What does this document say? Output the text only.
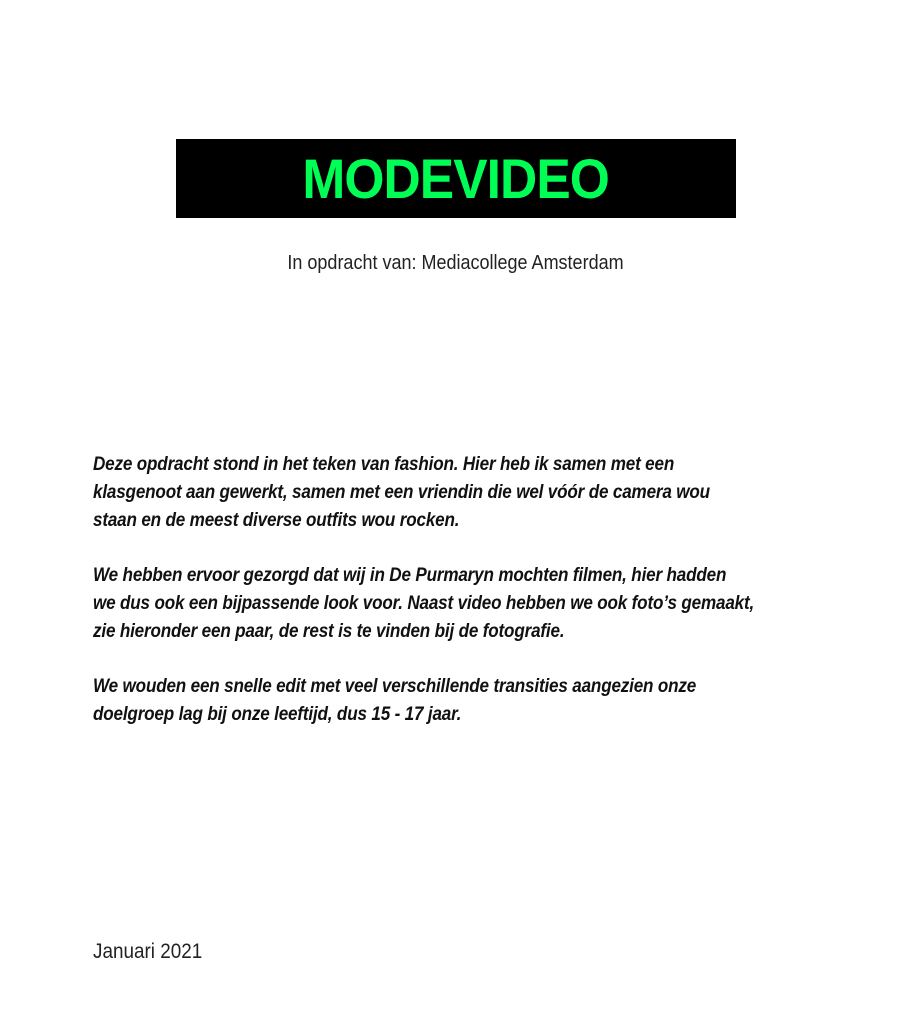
MODEVIDEO
In opdracht van: Mediacollege Amsterdam

Deze opdracht stond in het teken van fashion. Hier heb ik samen met een
klasgenoot aan gewerkt, samen met een vriendin die wel vóór de camera wou
staan en de meest diverse outfits wou rocken.

We hebben ervoor gezorgd dat wij in De Purmaryn mochten filmen, hier hadden
we dus ook een bijpassende look voor. Naast video hebben we ook foto’s gemaakt,
zie hieronder een paar, de rest is te vinden bij de fotografie.

We wouden een snelle edit met veel verschillende transities aangezien onze
doelgroep lag bij onze leeftijd, dus 15 - 17 jaar.

Januari 2021
